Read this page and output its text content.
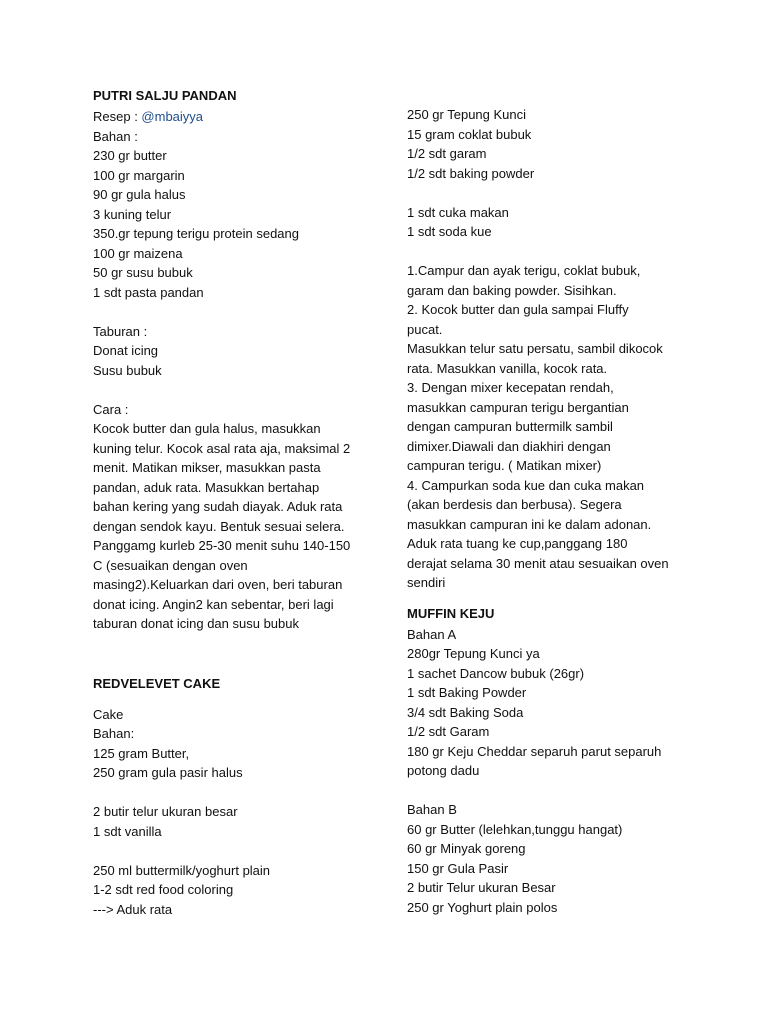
PUTRI SALJU PANDAN
Resep : @mbaiyya
Bahan :
230 gr butter
100 gr margarin
90 gr gula halus
3 kuning telur
350.gr tepung terigu protein sedang
100 gr maizena
50 gr susu bubuk
1 sdt pasta pandan
Taburan :
Donat icing
Susu bubuk
Cara :
Kocok butter dan gula halus, masukkan
kuning telur. Kocok asal rata aja, maksimal 2
menit. Matikan mikser, masukkan pasta
pandan, aduk rata. Masukkan bertahap
bahan kering yang sudah diayak. Aduk rata
dengan sendok kayu. Bentuk sesuai selera.
Panggamg kurleb 25-30 menit suhu 140-150
C (sesuaikan dengan oven
masing2).Keluarkan dari oven, beri taburan
donat icing. Angin2 kan sebentar, beri lagi
taburan donat icing dan susu bubuk
REDVELEVET CAKE
Cake
Bahan:
125 gram Butter,
250 gram gula pasir halus
2 butir telur ukuran besar
1 sdt vanilla
250 ml buttermilk/yoghurt plain
1-2 sdt red food coloring
---> Aduk rata
250 gr Tepung Kunci
15 gram coklat bubuk
1/2 sdt garam
1/2 sdt baking powder
1 sdt cuka makan
1 sdt soda kue
1.Campur dan ayak terigu, coklat bubuk,
garam dan baking powder. Sisihkan.
2. Kocok butter dan gula sampai Fluffy
pucat.
Masukkan telur satu persatu, sambil dikocok
rata. Masukkan vanilla, kocok rata.
3. Dengan mixer kecepatan rendah,
masukkan campuran terigu bergantian
dengan campuran buttermilk sambil
dimixer.Diawali dan diakhiri dengan
campuran terigu. ( Matikan mixer)
4. Campurkan soda kue dan cuka makan
(akan berdesis dan berbusa). Segera
masukkan campuran ini ke dalam adonan.
Aduk rata tuang ke cup,panggang 180
derajat selama 30 menit atau sesuaikan oven
sendiri
MUFFIN KEJU
Bahan A
280gr Tepung Kunci ya
1 sachet Dancow bubuk (26gr)
1 sdt Baking Powder
3/4 sdt Baking Soda
1/2 sdt Garam
180 gr Keju Cheddar separuh parut separuh
potong dadu
Bahan B
60 gr Butter (lelehkan,tunggu hangat)
60 gr Minyak goreng
150 gr Gula Pasir
2 butir Telur ukuran Besar
250 gr Yoghurt plain polos
